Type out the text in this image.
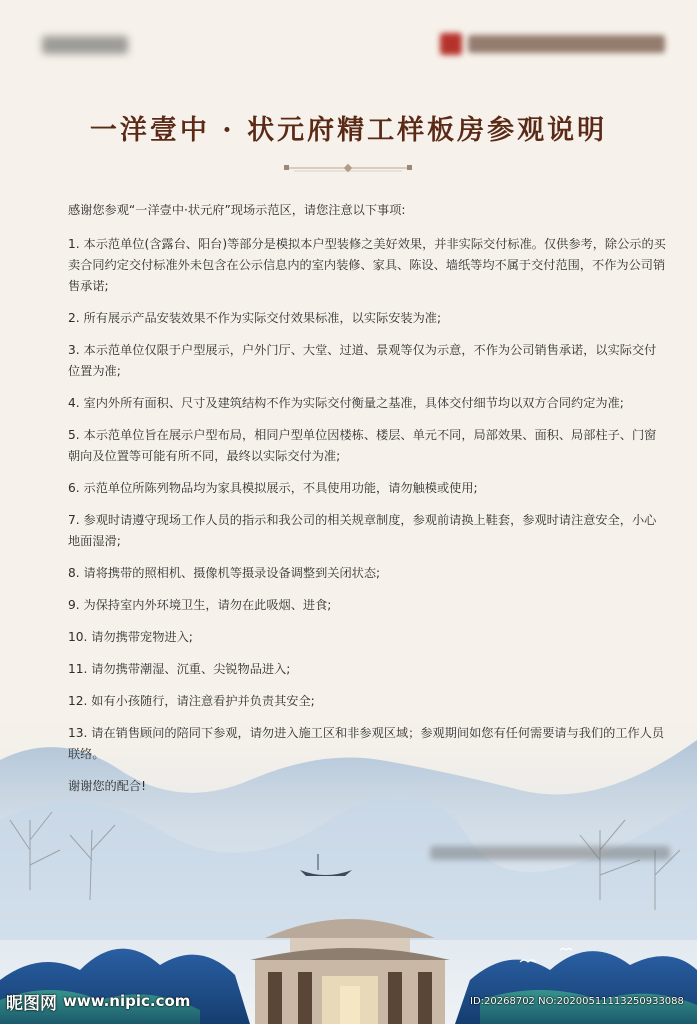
一洋壹中 · 状元府精工样板房参观说明

感谢您参观“一洋壹中·状元府”现场示范区，请您注意以下事项:

1. 本示范单位(含露台、阳台)等部分是模拟本户型装修之美好效果，并非实际交付标准。仅供参考，除公示的买卖合同约定交付标准外未包含在公示信息内的室内装修、家具、陈设、墙纸等均不属于交付范围，不作为公司销售承诺;

2. 所有展示产品安装效果不作为实际交付效果标准，以实际安装为准;

3. 本示范单位仅限于户型展示，户外门厅、大堂、过道、景观等仅为示意，不作为公司销售承诺，以实际交付位置为准;

4. 室内外所有面积、尺寸及建筑结构不作为实际交付衡量之基准，具体交付细节均以双方合同约定为准;

5. 本示范单位旨在展示户型布局，相同户型单位因楼栋、楼层、单元不同，局部效果、面积、局部柱子、门窗朝向及位置等可能有所不同，最终以实际交付为准;

6. 示范单位所陈列物品均为家具模拟展示，不具使用功能，请勿触模或使用;

7. 参观时请遵守现场工作人员的指示和我公司的相关规章制度，参观前请换上鞋套，参观时请注意安全，小心地面湿滑;

8. 请将携带的照相机、摄像机等摄录设备调整到关闭状态;

9. 为保持室内外环境卫生，请勿在此吸烟、进食;

10. 请勿携带宠物进入;

11. 请勿携带潮湿、沉重、尖锐物品进入;

12. 如有小孩随行，请注意看护并负责其安全;

13. 请在销售顾问的陪同下参观，请勿进入施工区和非参观区域；参观期间如您有任何需要请与我们的工作人员联络。

谢谢您的配合!

昵图网 www.nipic.com	ID:20268702 NO:20200511113250933088
